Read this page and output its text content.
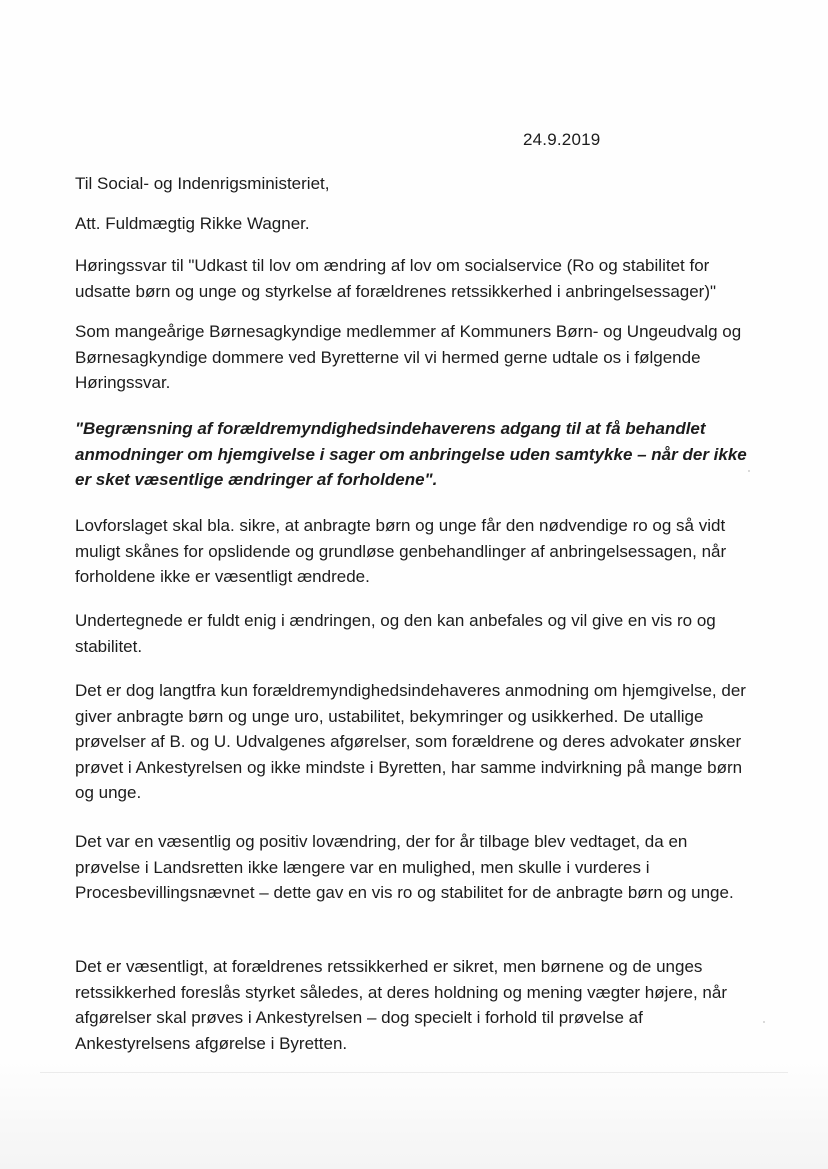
24.9.2019

Til Social- og Indenrigsministeriet,

Att. Fuldmægtig Rikke Wagner.

Høringssvar til "Udkast til lov om ændring af lov om socialservice (Ro og stabilitet for udsatte børn og unge og styrkelse af forældrenes retssikkerhed i anbringelsessager)"

Som mangeårige Børnesagkyndige medlemmer af Kommuners Børn- og Ungeudvalg og Børnesagkyndige dommere ved Byretterne vil vi hermed gerne udtale os i følgende Høringssvar.

"Begrænsning af forældremyndighedsindehaverens adgang til at få behandlet anmodninger om hjemgivelse i sager om anbringelse uden samtykke – når der ikke er sket væsentlige ændringer af forholdene".

Lovforslaget skal bla. sikre, at anbragte børn og unge får den nødvendige ro og så vidt muligt skånes for opslidende og grundløse genbehandlinger af anbringelsessagen, når forholdene ikke er væsentligt ændrede.

Undertegnede er fuldt enig i ændringen, og den kan anbefales og vil give en vis ro og stabilitet.

Det er dog langtfra kun forældremyndighedsindehaveres anmodning om hjemgivelse, der giver anbragte børn og unge uro, ustabilitet, bekymringer og usikkerhed. De utallige prøvelser af B. og U. Udvalgenes afgørelser, som forældrene og deres advokater ønsker prøvet i Ankestyrelsen og ikke mindste i Byretten, har samme indvirkning på mange børn og unge.

Det var en væsentlig og positiv lovændring, der for år tilbage blev vedtaget, da en prøvelse i Landsretten ikke længere var en mulighed, men skulle i vurderes i Procesbevillingsnævnet – dette gav en vis ro og stabilitet for de anbragte børn og unge.

Det er væsentligt, at forældrenes retssikkerhed er sikret, men børnene og de unges retssikkerhed foreslås styrket således, at deres holdning og mening vægter højere, når afgørelser skal prøves i Ankestyrelsen – dog specielt i forhold til prøvelse af Ankestyrelsens afgørelse i Byretten.
